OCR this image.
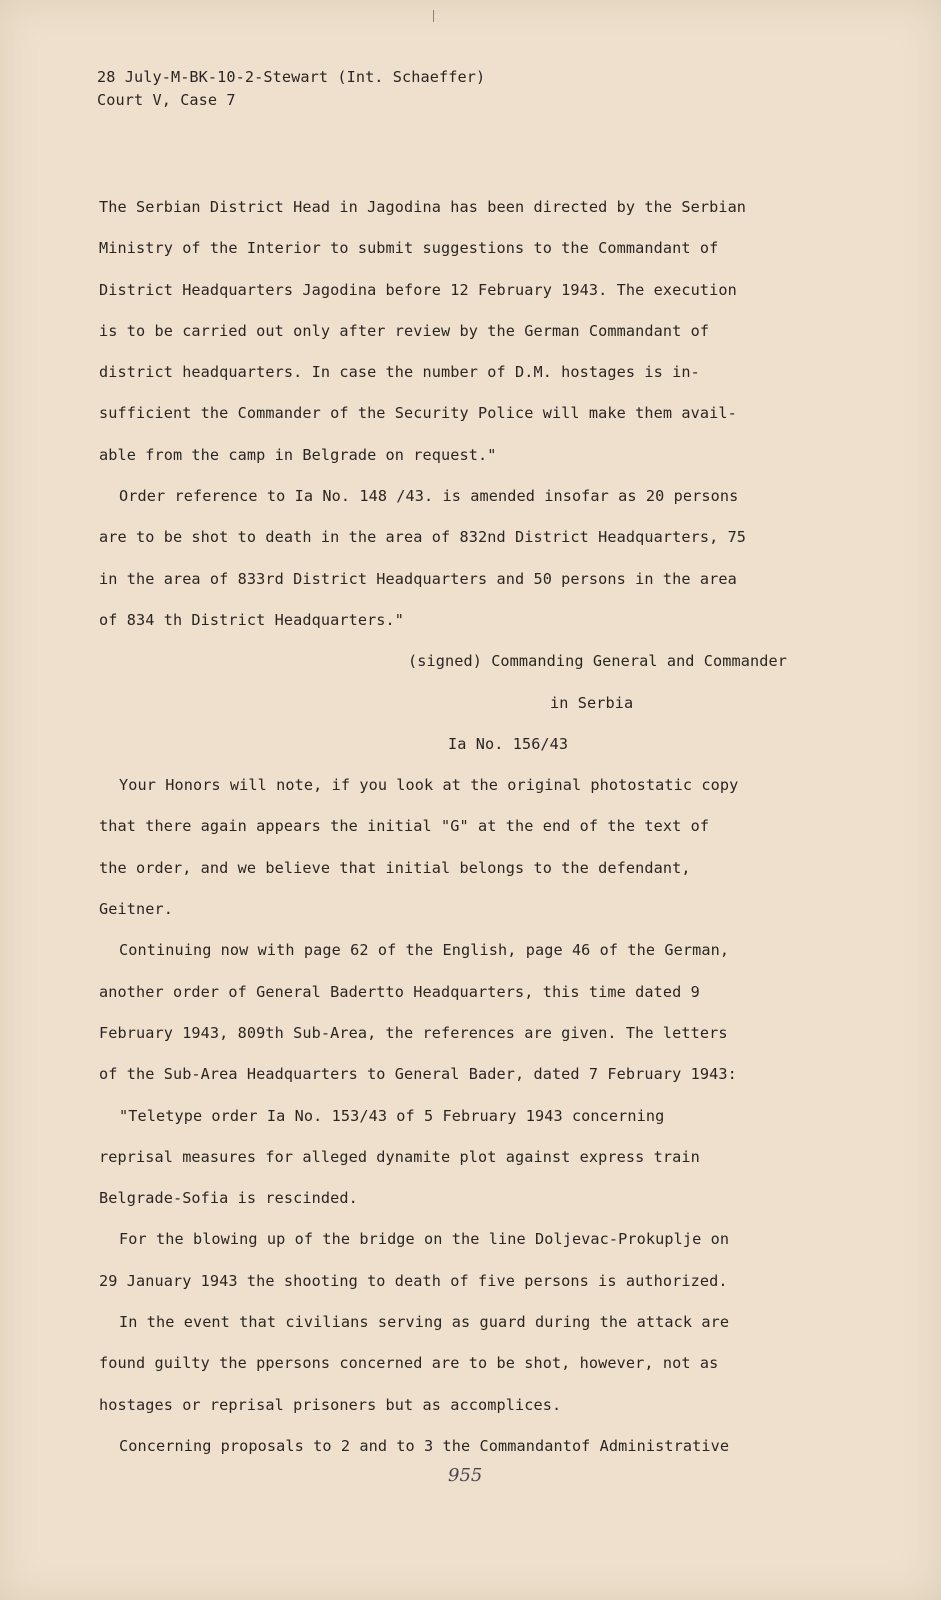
28 July-M-BK-10-2-Stewart (Int. Schaeffer)
Court V, Case 7
The Serbian District Head in Jagodina has been directed by the Serbian
Ministry of the Interior to submit suggestions to the Commandant of
District Headquarters Jagodina before 12 February 1943. The execution
is to be carried out only after review by the German Commandant of
district headquarters. In case the number of D.M. hostages is in-
sufficient the Commander of the Security Police will make them avail-
able from the camp in Belgrade on request."
Order reference to Ia No. 148 /43. is amended insofar as 20 persons
are to be shot to death in the area of 832nd District Headquarters, 75
in the area of 833rd District Headquarters and 50 persons in the area
of 834 th District Headquarters."
(signed) Commanding General and Commander
in Serbia
Ia No. 156/43
Your Honors will note, if you look at the original photostatic copy
that there again appears the initial "G" at the end of the text of
the order, and we believe that initial belongs to the defendant,
Geitner.
Continuing now with page 62 of the English, page 46 of the German,
another order of General Badertto Headquarters, this time dated 9
February 1943, 809th Sub-Area, the references are given. The letters
of the Sub-Area Headquarters to General Bader, dated 7 February 1943:
"Teletype order Ia No. 153/43 of 5 February 1943 concerning
reprisal measures for alleged dynamite plot against express train
Belgrade-Sofia is rescinded.
For the blowing up of the bridge on the line Doljevac-Prokuplje on
29 January 1943 the shooting to death of five persons is authorized.
In the event that civilians serving as guard during the attack are
found guilty the ppersons concerned are to be shot, however, not as
hostages or reprisal prisoners but as accomplices.
Concerning proposals to 2 and to 3 the Commandantof Administrative
955
